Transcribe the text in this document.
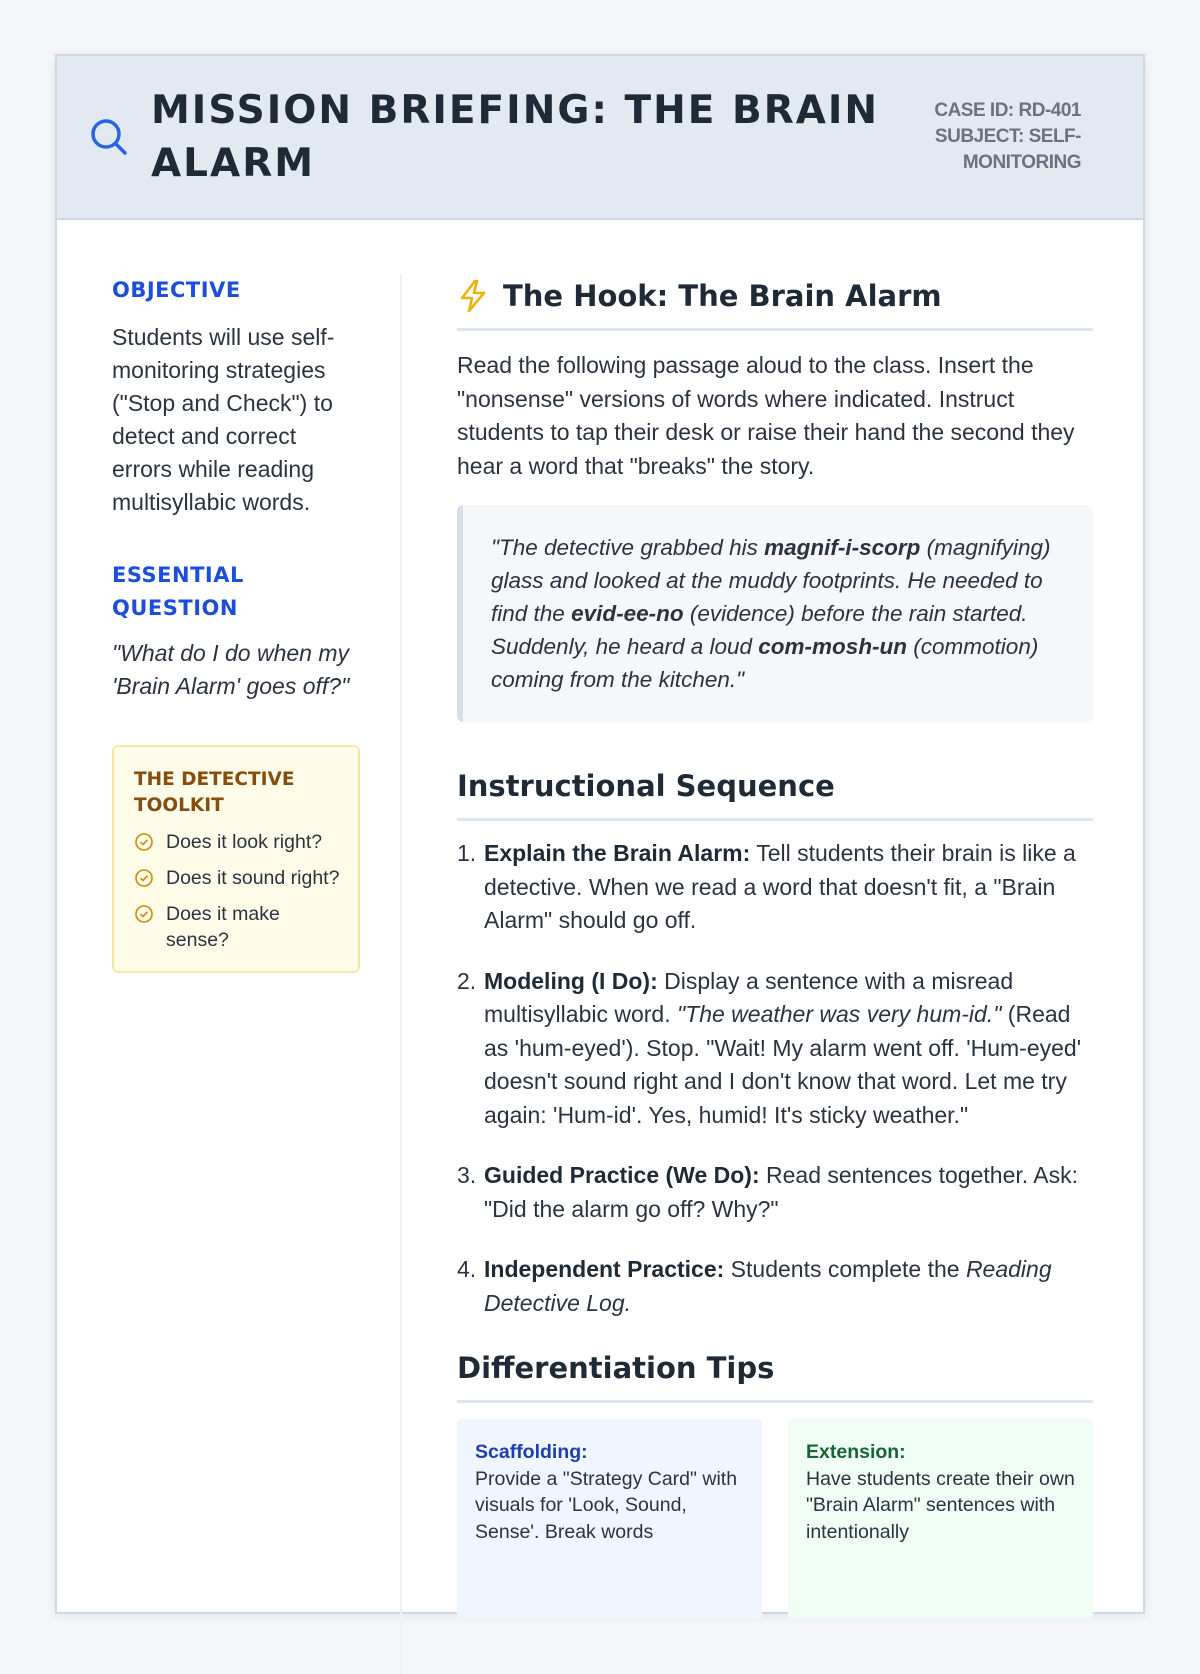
MISSION BRIEFING: THE BRAIN ALARM
CASE ID: RD-401
SUBJECT: SELF-MONITORING
OBJECTIVE

Students will use self-monitoring strategies ("Stop and Check") to detect and correct errors while reading multisyllabic words.

ESSENTIAL QUESTION

"What do I do when my 'Brain Alarm' goes off?"

THE DETECTIVE TOOLKIT
Does it look right?
Does it sound right?
Does it make sense?
The Hook: The Brain Alarm

Read the following passage aloud to the class. Insert the "nonsense" versions of words where indicated. Instruct students to tap their desk or raise their hand the second they hear a word that "breaks" the story.

"The detective grabbed his magnif-i-scorp (magnifying) glass and looked at the muddy footprints. He needed to find the evid-ee-no (evidence) before the rain started. Suddenly, he heard a loud com-mosh-un (commotion) coming from the kitchen."
Instructional Sequence
1. Explain the Brain Alarm: Tell students their brain is like a detective. When we read a word that doesn't fit, a "Brain Alarm" should go off.
2. Modeling (I Do): Display a sentence with a misread multisyllabic word. "The weather was very hum-id." (Read as 'hum-eyed'). Stop. "Wait! My alarm went off. 'Hum-eyed' doesn't sound right and I don't know that word. Let me try again: 'Hum-id'. Yes, humid! It's sticky weather."
3. Guided Practice (We Do): Read sentences together. Ask: "Did the alarm go off? Why?"
4. Independent Practice: Students complete the Reading Detective Log.
Differentiation Tips
Scaffolding:
Provide a "Strategy Card" with visuals for 'Look, Sound, Sense'. Break words
Extension:
Have students create their own "Brain Alarm" sentences with intentionally
